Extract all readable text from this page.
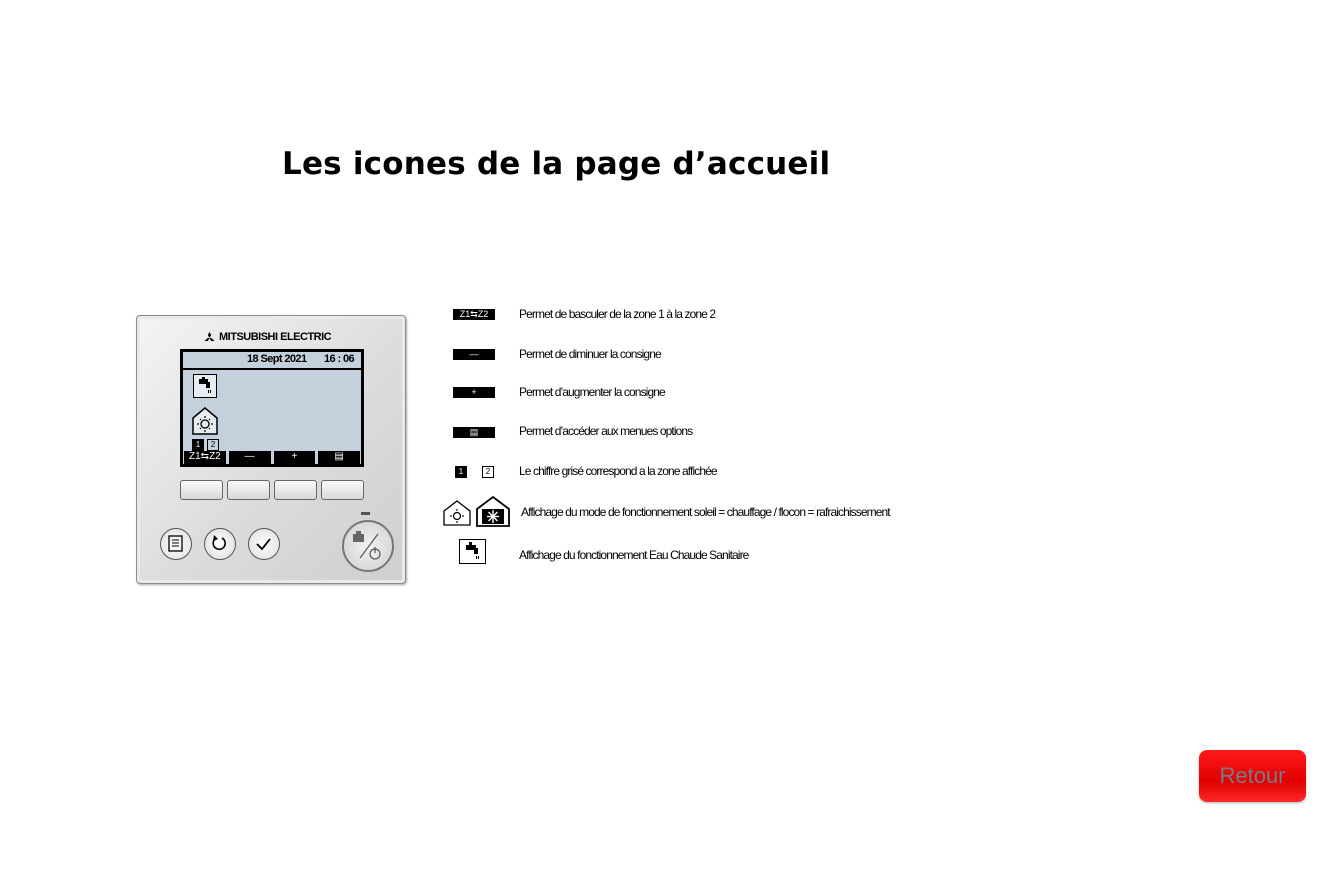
Les icones de la page d’accueil
MITSUBISHI ELECTRIC
18 Sept 2021 16 : 06
1	2
Z1⇆Z2	—	+	▤
Z1⇆Z2	Permet de basculer de la zone 1 à la zone 2
—	Permet de diminuer la consigne
+	Permet d’augmenter la consigne
▤	Permet d’accéder aux menues options
1	2	Le chiffre grisé correspond a la zone affichée
Affichage du mode de fonctionnement soleil = chauffage / flocon = rafraichissement
Affichage du fonctionnement Eau Chaude Sanitaire
Retour
